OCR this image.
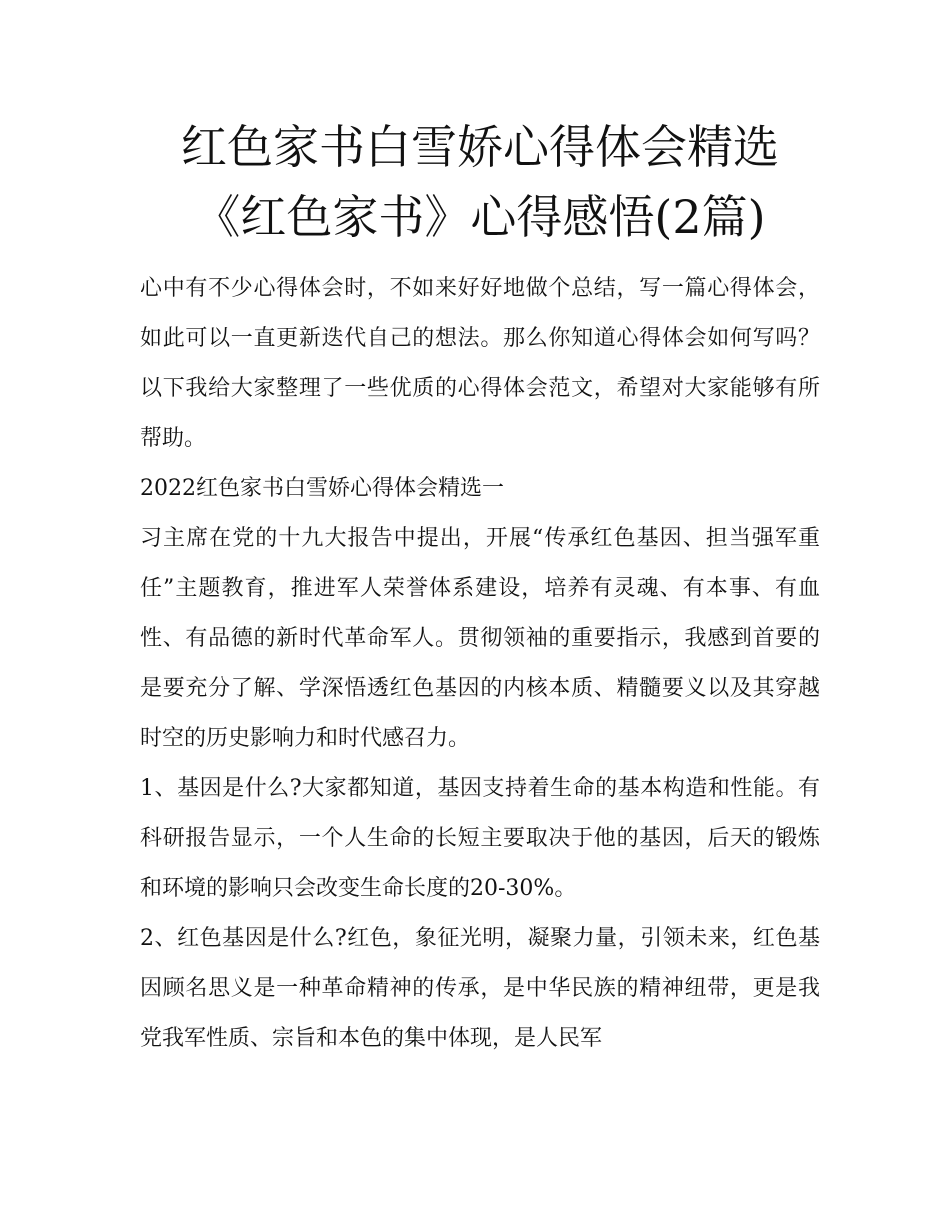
红色家书白雪娇心得体会精选
《红色家书》心得感悟(2篇)

心中有不少心得体会时，不如来好好地做个总结，写一篇心得体会，如此可以一直更新迭代自己的想法。那么你知道心得体会如何写吗？以下我给大家整理了一些优质的心得体会范文，希望对大家能够有所帮助。

2022红色家书白雪娇心得体会精选一

习主席在党的十九大报告中提出，开展“传承红色基因、担当强军重任”主题教育，推进军人荣誉体系建设，培养有灵魂、有本事、有血性、有品德的新时代革命军人。贯彻领袖的重要指示，我感到首要的是要充分了解、学深悟透红色基因的内核本质、精髓要义以及其穿越时空的历史影响力和时代感召力。

1、基因是什么?大家都知道，基因支持着生命的基本构造和性能。有科研报告显示，一个人生命的长短主要取决于他的基因，后天的锻炼和环境的影响只会改变生命长度的20-30%。

2、红色基因是什么?红色，象征光明，凝聚力量，引领未来，红色基因顾名思义是一种革命精神的传承，是中华民族的精神纽带，更是我党我军性质、宗旨和本色的集中体现，是人民军
